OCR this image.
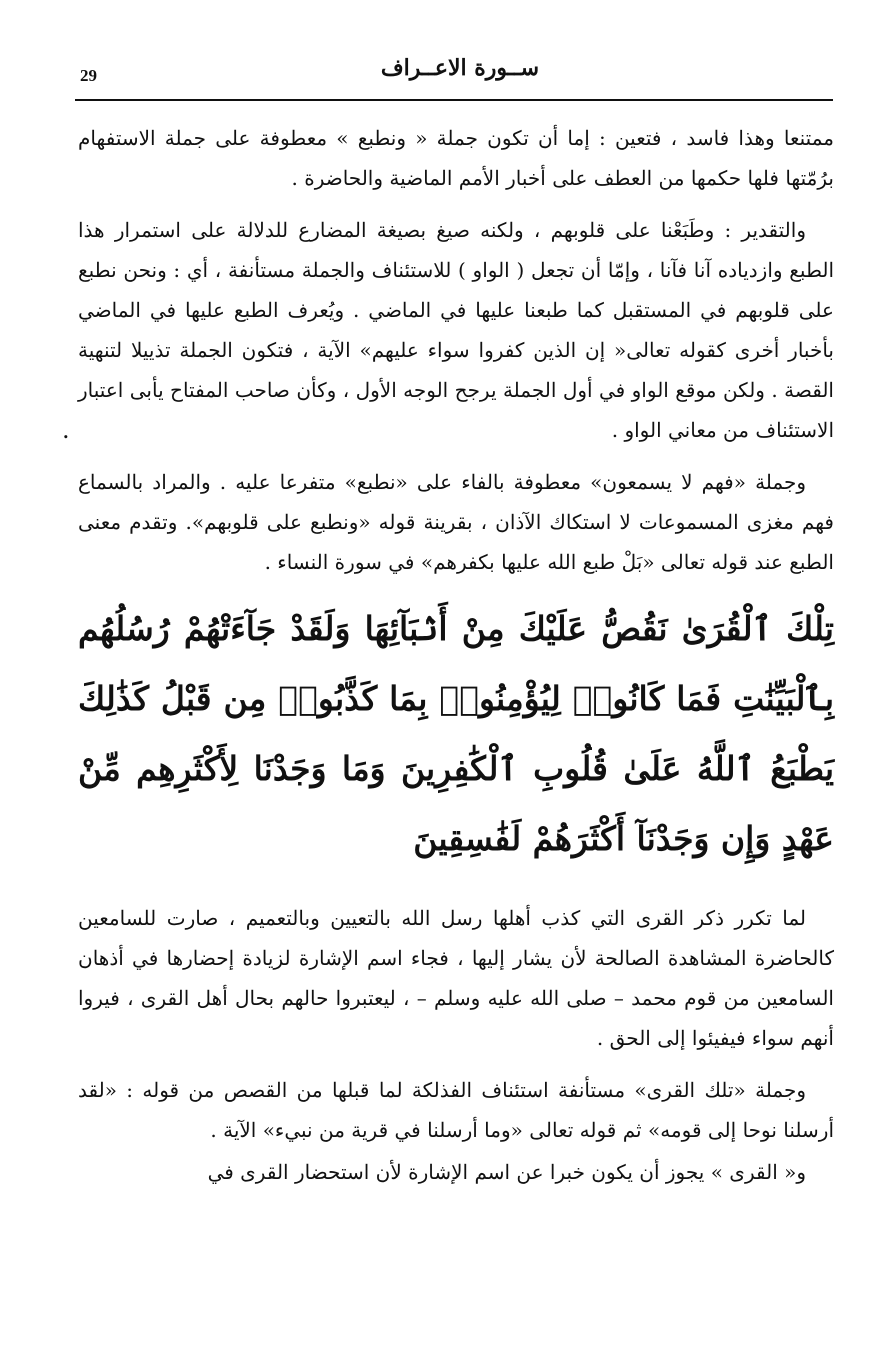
ســورة الاعــراف
29
.

ممتنعا وهذا فاسد ، فتعين : إما أن تكون جملة « ونطبع » معطوفة على جملة الاستفهام برُمّتها فلها حكمها من العطف على أخبار الأمم الماضية والحاضرة .

والتقدير : وطَبَعْنا على قلوبهم ، ولكنه صيغ بصيغة المضارع للدلالة على استمرار هذا الطبع وازدياده آنا فآنا ، وإمّا أن تجعل ( الواو ) للاستئناف والجملة مستأنفة ، أي : ونحن نطبع على قلوبهم في المستقبل كما طبعنا عليها في الماضي . ويُعرف الطبع عليها في الماضي بأخبار أخرى كقوله تعالى« إن الذين كفروا سواء عليهم» الآية ، فتكون الجملة تذييلا لتنهية القصة . ولكن موقع الواو في أول الجملة يرجح الوجه الأول ، وكأن صاحب المفتاح يأبى اعتبار الاستئناف من معاني الواو .

وجملة «فهم لا يسمعون» معطوفة بالفاء على «نطبع» متفرعا عليه . والمراد بالسماع فهم مغزى المسموعات لا استكاك الآذان ، بقرينة قوله «ونطبع على قلوبهم». وتقدم معنى الطبع عند قوله تعالى «بَلْ طبع الله عليها بكفرهم» في سورة النساء .

تِلْكَ ٱلْقُرَىٰ نَقُصُّ عَلَيْكَ مِنْ أَنۢبَآئِهَا وَلَقَدْ جَآءَتْهُمْ رُسُلُهُم بِٱلْبَيِّنَٰتِ فَمَا كَانُوا۟ لِيُؤْمِنُوا۟ بِمَا كَذَّبُوا۟ مِن قَبْلُ كَذَٰلِكَ يَطْبَعُ ٱللَّهُ عَلَىٰ قُلُوبِ ٱلْكَٰفِرِينَ وَمَا وَجَدْنَا لِأَكْثَرِهِم مِّنْ عَهْدٍ وَإِن وَجَدْنَآ أَكْثَرَهُمْ لَفَٰسِقِينَ

لما تكرر ذكر القرى التي كذب أهلها رسل الله بالتعيين وبالتعميم ، صارت للسامعين كالحاضرة المشاهدة الصالحة لأن يشار إليها ، فجاء اسم الإشارة لزيادة إحضارها في أذهان السامعين من قوم محمد – صلى الله عليه وسلم – ، ليعتبروا حالهم بحال أهل القرى ، فيروا أنهم سواء فيفيئوا إلى الحق .

وجملة «تلك القرى» مستأنفة استئناف الفذلكة لما قبلها من القصص من قوله : «لقد أرسلنا نوحا إلى قومه» ثم قوله تعالى «وما أرسلنا في قرية من نبيء» الآية .

و« القرى » يجوز أن يكون خبرا عن اسم الإشارة لأن استحضار القرى في
